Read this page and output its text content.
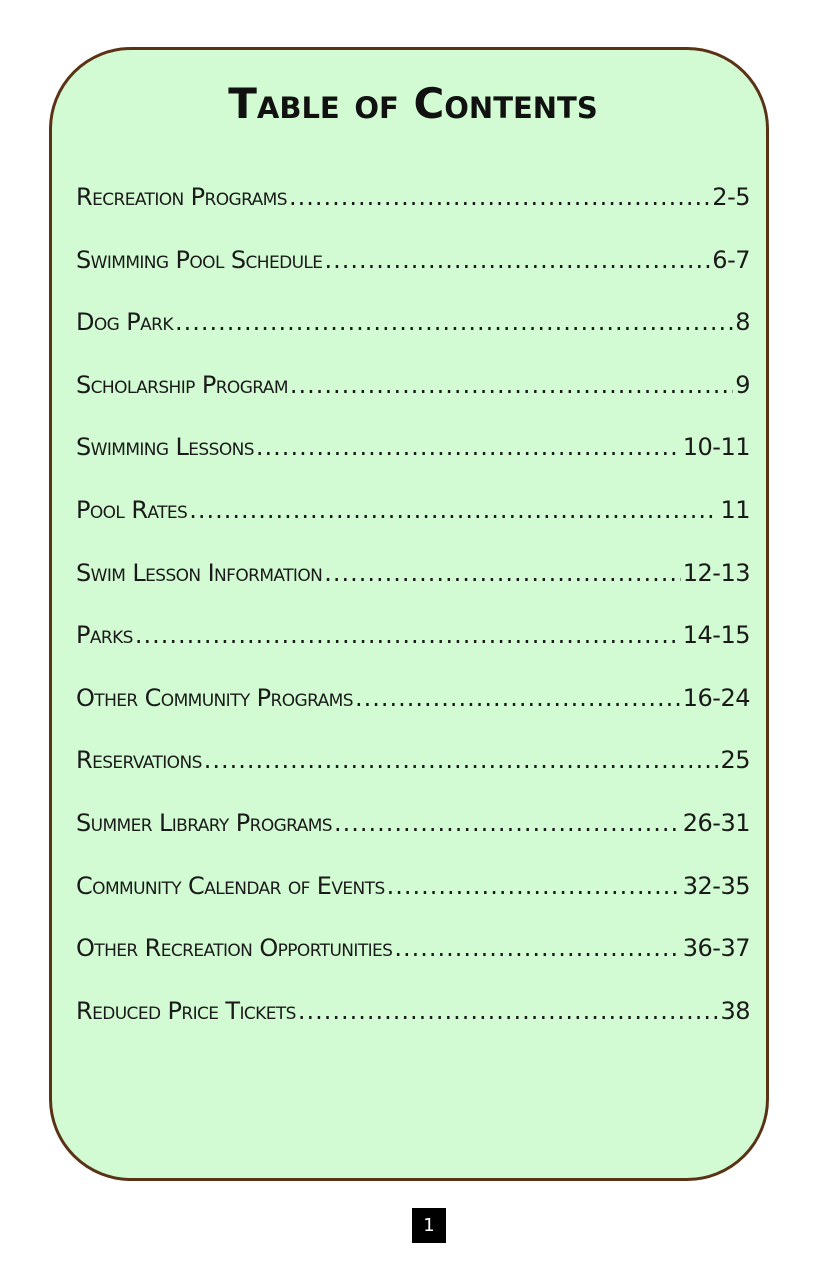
Table of Contents
Recreation Programs .....	2-5
Swimming Pool Schedule .....	6-7
Dog Park .....	8
Scholarship Program .....	9
Swimming Lessons .....	10-11
Pool Rates .....	11
Swim Lesson Information .....	12-13
Parks .....	14-15
Other Community Programs .....	16-24
Reservations .....	25
Summer Library Programs .....	26-31
Community Calendar of Events .....	32-35
Other Recreation Opportunities .....	36-37
Reduced Price Tickets .....	38
1
